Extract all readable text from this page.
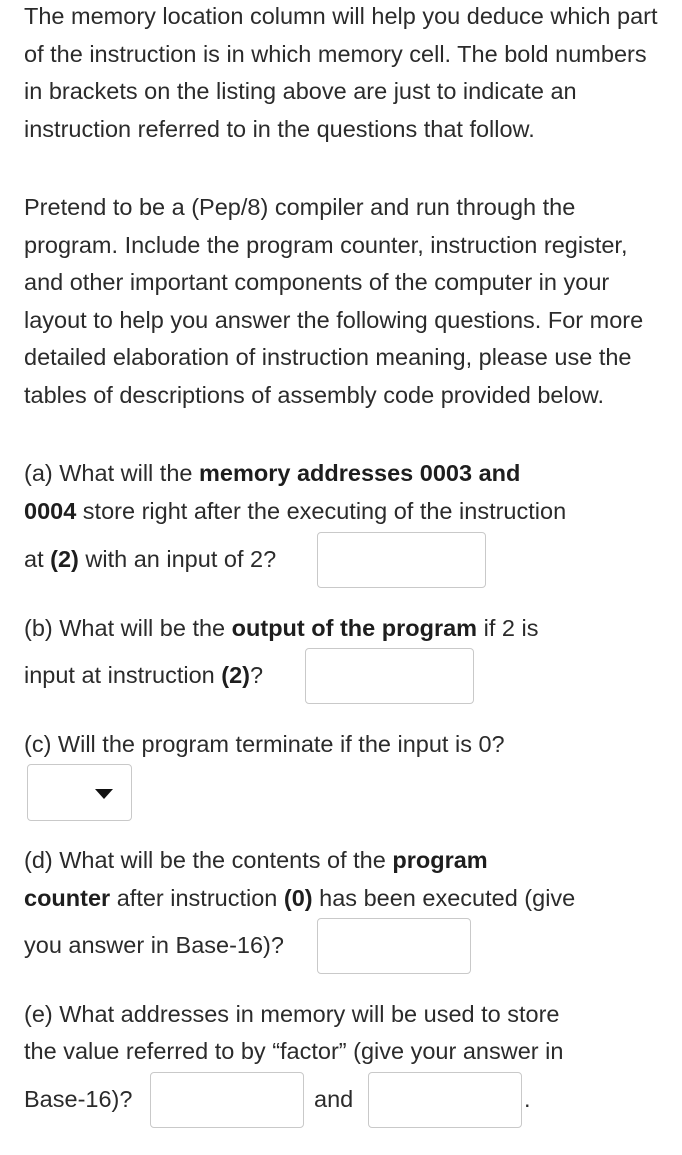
The memory location column will help you deduce which part of the instruction is in which memory cell. The bold numbers in brackets on the listing above are just to indicate an instruction referred to in the questions that follow.

Pretend to be a (Pep/8) compiler and run through the program. Include the program counter, instruction register, and other important components of the computer in your layout to help you answer the following questions. For more detailed elaboration of instruction meaning, please use the tables of descriptions of assembly code provided below.

(a) What will the memory addresses 0003 and
0004 store right after the executing of the instruction
at (2) with an input of 2?
(b) What will be the output of the program if 2 is
input at instruction (2)?
(c) Will the program terminate if the input is 0?
(d) What will be the contents of the program
counter after instruction (0) has been executed (give
you answer in Base-16)?
(e) What addresses in memory will be used to store
the value referred to by “factor” (give your answer in
Base-16)?	and	.
